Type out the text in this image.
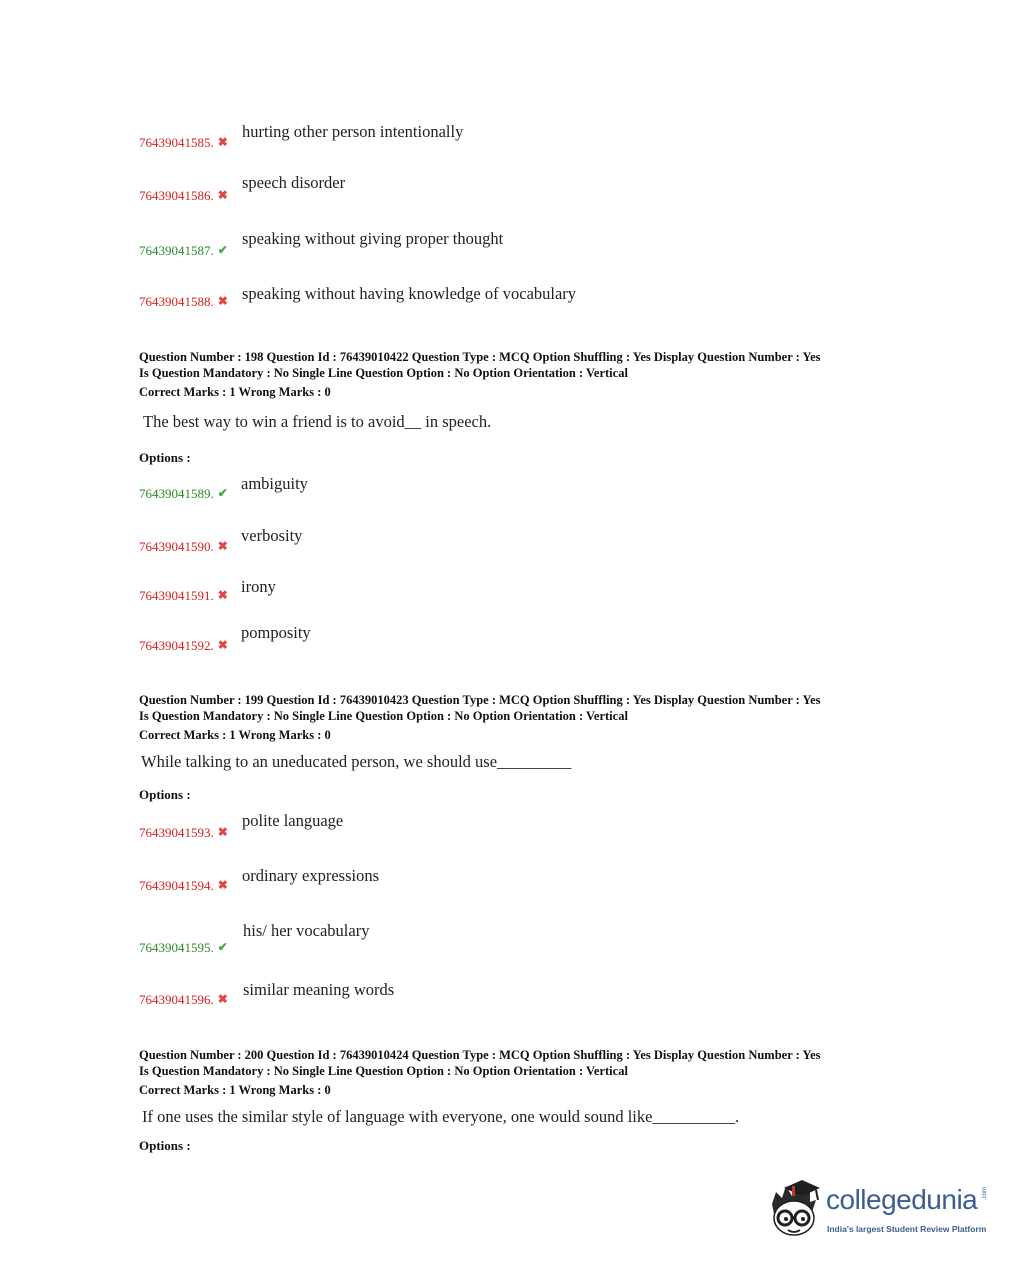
76439041585. ✖
hurting other person intentionally
76439041586. ✖
speech disorder
76439041587. ✔
speaking without giving proper thought
76439041588. ✖ speaking without having knowledge of vocabulary
Question Number : 198 Question Id : 76439010422 Question Type : MCQ Option Shuffling : Yes Display Question Number : Yes
Is Question Mandatory : No Single Line Question Option : No Option Orientation : Vertical
Correct Marks : 1 Wrong Marks : 0
The best way to win a friend is to avoid__ in speech.
Options :
76439041589. ✔ ambiguity
76439041590. ✖
verbosity
76439041591. ✖ irony
76439041592. ✖
pomposity
Question Number : 199 Question Id : 76439010423 Question Type : MCQ Option Shuffling : Yes Display Question Number : Yes
Is Question Mandatory : No Single Line Question Option : No Option Orientation : Vertical
Correct Marks : 1 Wrong Marks : 0
While talking to an uneducated person, we should use_________
Options :
76439041593. ✖
polite language
76439041594. ✖ ordinary expressions
76439041595. ✔
his/ her vocabulary
76439041596. ✖ similar meaning words
Question Number : 200 Question Id : 76439010424 Question Type : MCQ Option Shuffling : Yes Display Question Number : Yes
Is Question Mandatory : No Single Line Question Option : No Option Orientation : Vertical
Correct Marks : 1 Wrong Marks : 0
If one uses the similar style of language with everyone, one would sound like__________.
Options :
collegedunia .com
India's largest Student Review Platform
